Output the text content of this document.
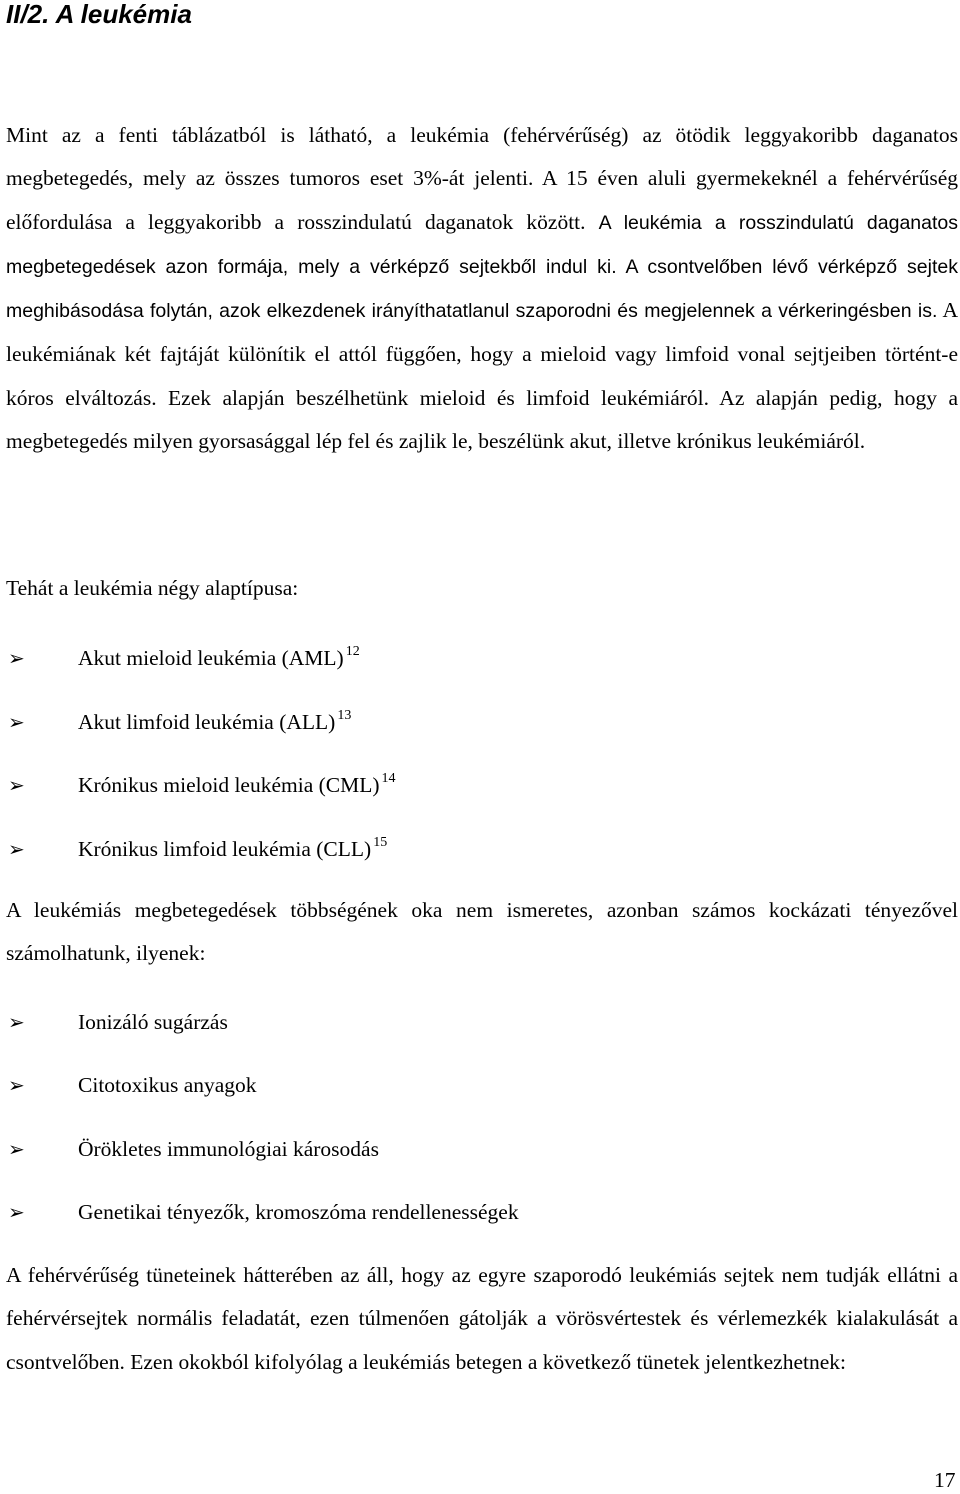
II/2. A leukémia

Mint az a fenti táblázatból is látható, a leukémia (fehérvérűség) az ötödik leggyakoribb daganatos megbetegedés, mely az összes tumoros eset 3%-át jelenti. A 15 éven aluli gyermekeknél a fehérvérűség előfordulása a leggyakoribb a rosszindulatú daganatok között. A leukémia a rosszindulatú daganatos megbetegedések azon formája, mely a vérképző sejtekből indul ki. A csontvelőben lévő vérképző sejtek meghibásodása folytán, azok elkezdenek irányíthatatlanul szaporodni és megjelennek a vérkeringésben is. A leukémiának két fajtáját különítik el attól függően, hogy a mieloid vagy limfoid vonal sejtjeiben történt-e kóros elváltozás. Ezek alapján beszélhetünk mieloid és limfoid leukémiáról. Az alapján pedig, hogy a megbetegedés milyen gyorsasággal lép fel és zajlik le, beszélünk akut, illetve krónikus leukémiáról.

Tehát a leukémia négy alaptípusa:

➢ Akut mieloid leukémia (AML) $^{12}$
➢ Akut limfoid leukémia (ALL) $^{13}$
➢ Krónikus mieloid leukémia (CML) $^{14}$
➢ Krónikus limfoid leukémia (CLL) $^{15}$

A leukémiás megbetegedések többségének oka nem ismeretes, azonban számos kockázati tényezővel számolhatunk, ilyenek:

➢ Ionizáló sugárzás
➢ Citotoxikus anyagok
➢ Örökletes immunológiai károsodás
➢ Genetikai tényezők, kromoszóma rendellenességek

A fehérvérűség tüneteinek hátterében az áll, hogy az egyre szaporodó leukémiás sejtek nem tudják ellátni a fehérvérsejtek normális feladatát, ezen túlmenően gátolják a vörösvértestek és vérlemezkék kialakulását a csontvelőben. Ezen okokból kifolyólag a leukémiás betegen a következő tünetek jelentkezhetnek:

17
